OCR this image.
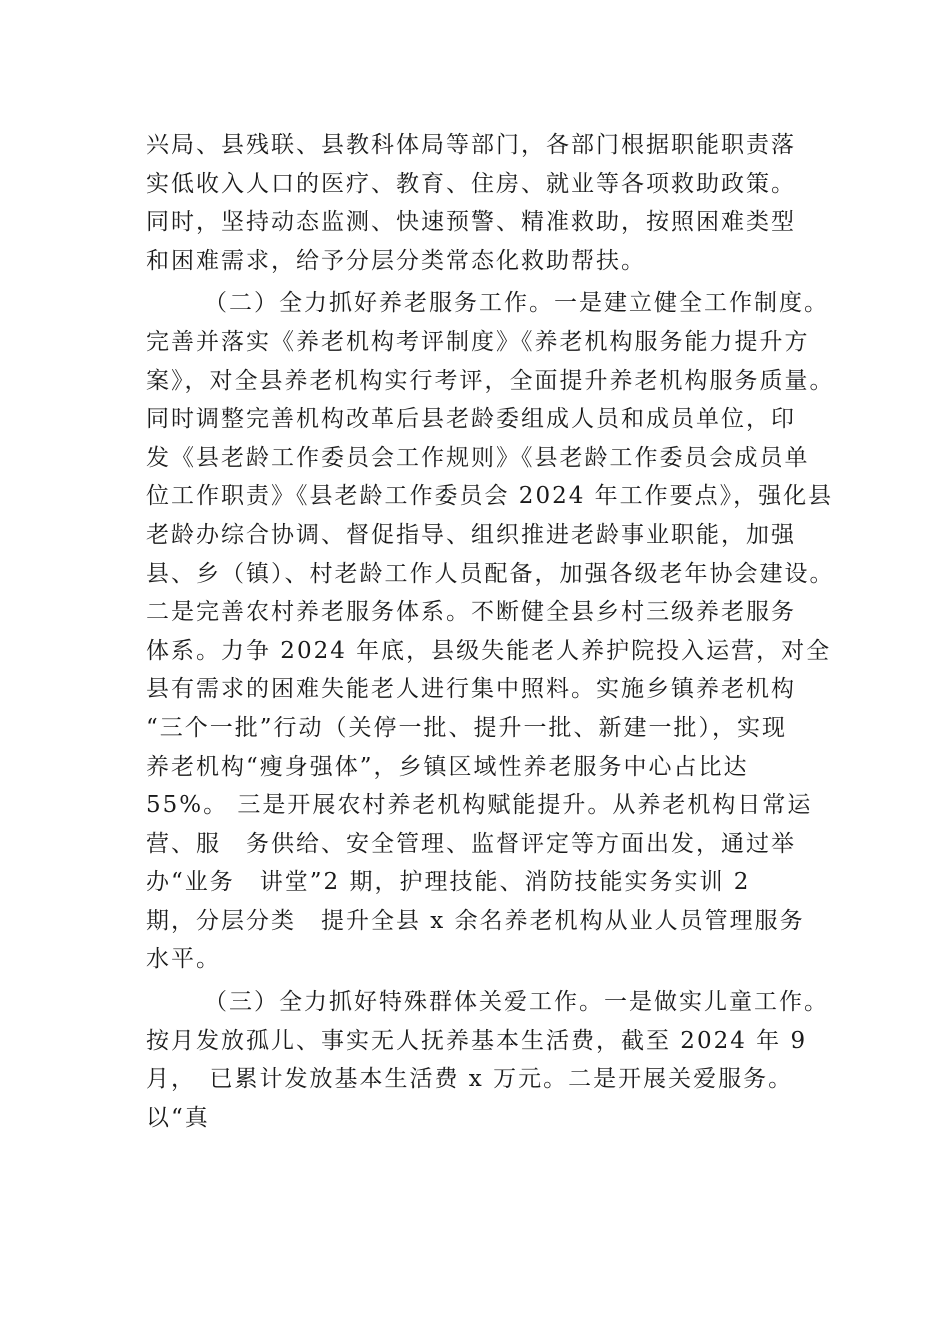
兴局、县残联、县教科体局等部门，各部门根据职能职责落
实低收入人口的医疗、教育、住房、就业等各项救助政策。
同时，坚持动态监测、快速预警、精准救助，按照困难类型
和困难需求，给予分层分类常态化救助帮扶。
（二）全力抓好养老服务工作。一是建立健全工作制度。
完善并落实《养老机构考评制度》《养老机构服务能力提升方
案》，对全县养老机构实行考评，全面提升养老机构服务质量。
同时调整完善机构改革后县老龄委组成人员和成员单位，印
发《县老龄工作委员会工作规则》《县老龄工作委员会成员单
位工作职责》《县老龄工作委员会 2024 年工作要点》，强化县
老龄办综合协调、督促指导、组织推进老龄事业职能，加强
县、乡（镇）、村老龄工作人员配备，加强各级老年协会建设。
二是完善农村养老服务体系。不断健全县乡村三级养老服务
体系。力争 2024 年底，县级失能老人养护院投入运营，对全
县有需求的困难失能老人进行集中照料。实施乡镇养老机构
“三个一批”行动（关停一批、提升一批、新建一批），实现
养老机构“瘦身强体”，乡镇区域性养老服务中心占比达
55%。 三是开展农村养老机构赋能提升。从养老机构日常运
营、服　务供给、安全管理、监督评定等方面出发，通过举
办“业务　讲堂”2 期，护理技能、消防技能实务实训 2
期，分层分类　提升全县 x 余名养老机构从业人员管理服务
水平。
（三）全力抓好特殊群体关爱工作。一是做实儿童工作。
按月发放孤儿、事实无人抚养基本生活费，截至 2024 年 9
月，　已累计发放基本生活费 x 万元。二是开展关爱服务。
以“真
